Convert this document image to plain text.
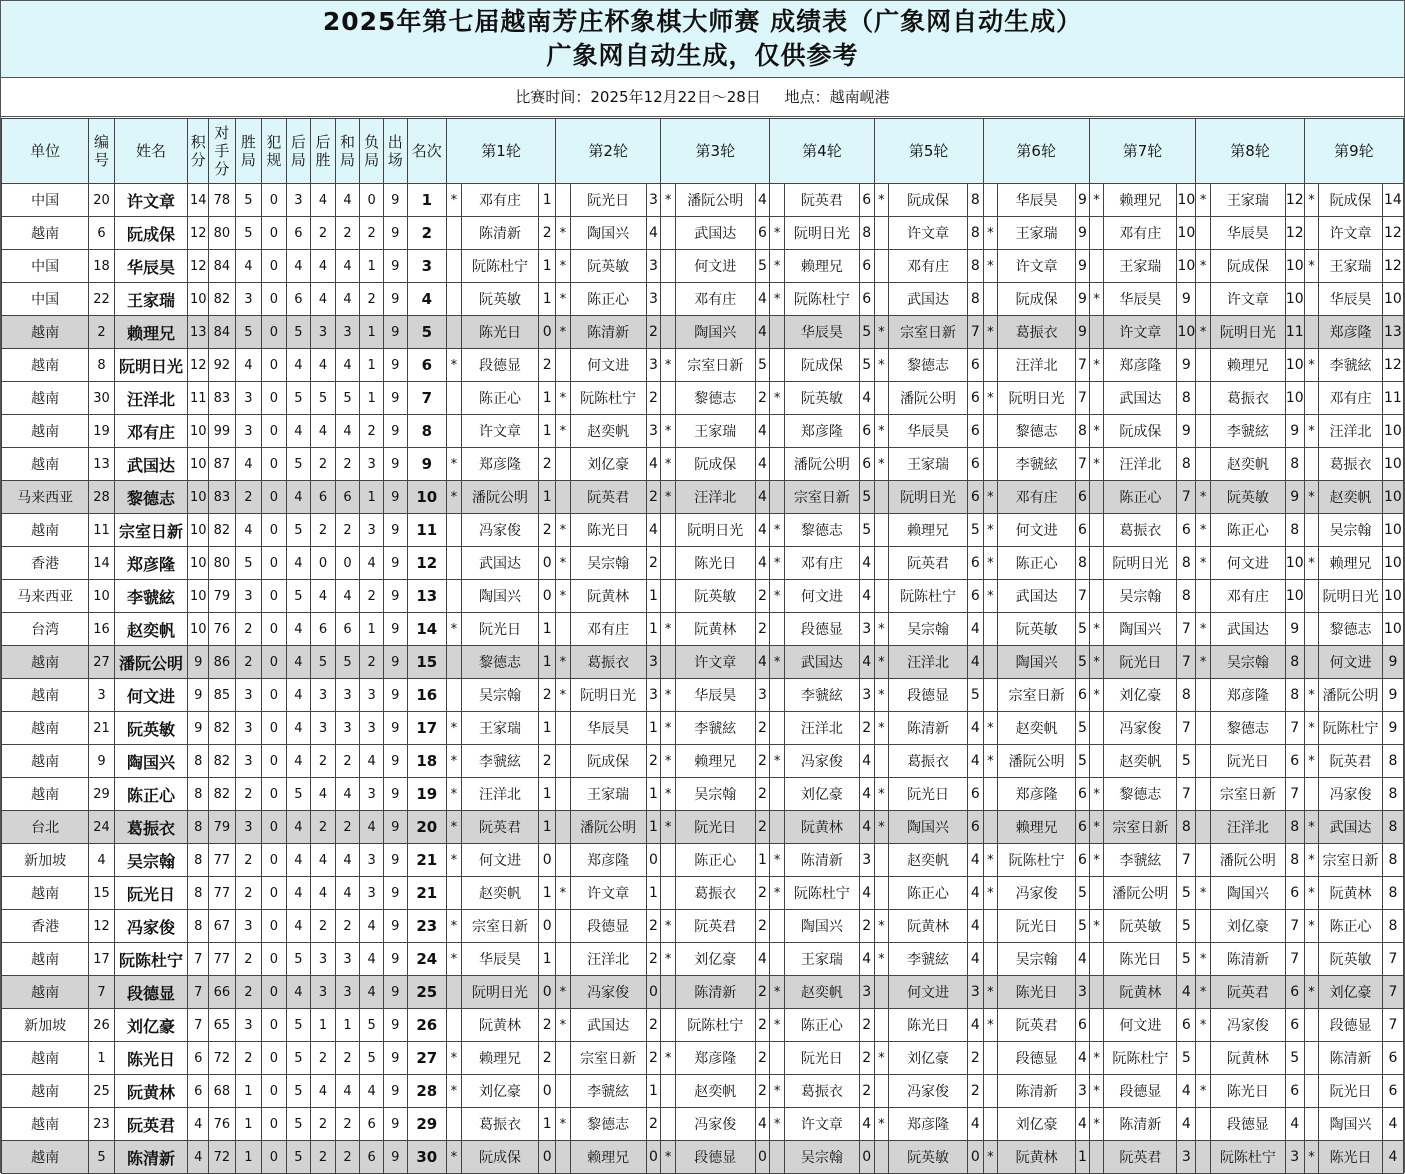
2025年第七届越南芳庄杯象棋大师赛 成绩表（广象网自动生成）
广象网自动生成，仅供参考
比赛时间：2025年12月22日～28日     地点：越南岘港
单位	编号	姓名	积分	对手分	胜局	犯规	后局	后胜	和局	负局	出场	名次	第1轮			第2轮			第3轮			第4轮			第5轮			第6轮			第7轮			第8轮			第9轮		
中国	20	许文章	14	78	5	0	3	4	4	0	9	1	*	邓有庄	1		阮光日	3	*	潘阮公明	4		阮英君	6	*	阮成保	8		华辰昊	9	*	赖理兄	10	*	王家瑞	12	*	阮成保	14
越南	6	阮成保	12	80	5	0	6	2	2	2	9	2		陈清新	2	*	陶国兴	4		武国达	6	*	阮明日光	8		许文章	8	*	王家瑞	9		邓有庄	10		华辰昊	12		许文章	12
中国	18	华辰昊	12	84	4	0	4	4	4	1	9	3		阮陈杜宁	1	*	阮英敏	3		何文进	5	*	赖理兄	6		邓有庄	8	*	许文章	9		王家瑞	10	*	阮成保	10	*	王家瑞	12
中国	22	王家瑞	10	82	3	0	6	4	4	2	9	4		阮英敏	1	*	陈正心	3		邓有庄	4	*	阮陈杜宁	6		武国达	8		阮成保	9	*	华辰昊	9		许文章	10		华辰昊	10
越南	2	赖理兄	13	84	5	0	5	3	3	1	9	5		陈光日	0	*	陈清新	2		陶国兴	4		华辰昊	5	*	宗室日新	7	*	葛振衣	9		许文章	10	*	阮明日光	11		郑彦隆	13
越南	8	阮明日光	12	92	4	0	4	4	4	1	9	6	*	段德显	2		何文进	3	*	宗室日新	5		阮成保	5	*	黎德志	6		汪洋北	7	*	郑彦隆	9		赖理兄	10	*	李虢絃	12
越南	30	汪洋北	11	83	3	0	5	5	5	1	9	7		陈正心	1	*	阮陈杜宁	2		黎德志	2	*	阮英敏	4		潘阮公明	6	*	阮明日光	7		武国达	8		葛振衣	10		邓有庄	11
越南	19	邓有庄	10	99	3	0	4	4	4	2	9	8		许文章	1	*	赵奕帆	3	*	王家瑞	4		郑彦隆	6	*	华辰昊	6		黎德志	8	*	阮成保	9		李虢絃	9	*	汪洋北	10
越南	13	武国达	10	87	4	0	5	2	2	3	9	9	*	郑彦隆	2		刘亿豪	4	*	阮成保	4		潘阮公明	6	*	王家瑞	6		李虢絃	7	*	汪洋北	8		赵奕帆	8		葛振衣	10
马来西亚	28	黎德志	10	83	2	0	4	6	6	1	9	10	*	潘阮公明	1		阮英君	2	*	汪洋北	4		宗室日新	5		阮明日光	6	*	邓有庄	6		陈正心	7	*	阮英敏	9	*	赵奕帆	10
越南	11	宗室日新	10	82	4	0	5	2	2	3	9	11		冯家俊	2	*	陈光日	4		阮明日光	4	*	黎德志	5		赖理兄	5	*	何文进	6		葛振衣	6	*	陈正心	8		吴宗翰	10
香港	14	郑彦隆	10	80	5	0	4	0	0	4	9	12		武国达	0	*	吴宗翰	2		陈光日	4	*	邓有庄	4		阮英君	6	*	陈正心	8		阮明日光	8	*	何文进	10	*	赖理兄	10
马来西亚	10	李虢絃	10	79	3	0	5	4	4	2	9	13		陶国兴	0	*	阮黄林	1		阮英敏	2	*	何文进	4		阮陈杜宁	6	*	武国达	7		吴宗翰	8		邓有庄	10		阮明日光	10
台湾	16	赵奕帆	10	76	2	0	4	6	6	1	9	14	*	阮光日	1		邓有庄	1	*	阮黄林	2		段德显	3	*	吴宗翰	4		阮英敏	5	*	陶国兴	7	*	武国达	9		黎德志	10
越南	27	潘阮公明	9	86	2	0	4	5	5	2	9	15		黎德志	1	*	葛振衣	3		许文章	4	*	武国达	4	*	汪洋北	4		陶国兴	5	*	阮光日	7	*	吴宗翰	8		何文进	9
越南	3	何文进	9	85	3	0	4	3	3	3	9	16		吴宗翰	2	*	阮明日光	3	*	华辰昊	3		李虢絃	3	*	段德显	5		宗室日新	6	*	刘亿豪	8		郑彦隆	8	*	潘阮公明	9
越南	21	阮英敏	9	82	3	0	4	3	3	3	9	17	*	王家瑞	1		华辰昊	1	*	李虢絃	2		汪洋北	2	*	陈清新	4	*	赵奕帆	5		冯家俊	7		黎德志	7	*	阮陈杜宁	9
越南	9	陶国兴	8	82	3	0	4	2	2	4	9	18	*	李虢絃	2		阮成保	2	*	赖理兄	2	*	冯家俊	4		葛振衣	4	*	潘阮公明	5		赵奕帆	5		阮光日	6	*	阮英君	8
越南	29	陈正心	8	82	2	0	5	4	4	3	9	19	*	汪洋北	1		王家瑞	1	*	吴宗翰	2		刘亿豪	4	*	阮光日	6		郑彦隆	6	*	黎德志	7		宗室日新	7		冯家俊	8
台北	24	葛振衣	8	79	3	0	4	2	2	4	9	20	*	阮英君	1		潘阮公明	1	*	阮光日	2		阮黄林	4	*	陶国兴	6		赖理兄	6	*	宗室日新	8		汪洋北	8	*	武国达	8
新加坡	4	吴宗翰	8	77	2	0	4	4	4	3	9	21	*	何文进	0		郑彦隆	0		陈正心	1	*	陈清新	3		赵奕帆	4	*	阮陈杜宁	6	*	李虢絃	7		潘阮公明	8	*	宗室日新	8
越南	15	阮光日	8	77	2	0	4	4	4	3	9	21		赵奕帆	1	*	许文章	1		葛振衣	2	*	阮陈杜宁	4		陈正心	4	*	冯家俊	5		潘阮公明	5	*	陶国兴	6	*	阮黄林	8
香港	12	冯家俊	8	67	3	0	4	2	2	4	9	23	*	宗室日新	0		段德显	2	*	阮英君	2		陶国兴	2	*	阮黄林	4		阮光日	5	*	阮英敏	5		刘亿豪	7	*	陈正心	8
越南	17	阮陈杜宁	7	77	2	0	5	3	3	4	9	24	*	华辰昊	1		汪洋北	2	*	刘亿豪	4		王家瑞	4	*	李虢絃	4		吴宗翰	4		陈光日	5	*	陈清新	7		阮英敏	7
越南	7	段德显	7	66	2	0	4	3	3	4	9	25		阮明日光	0	*	冯家俊	0		陈清新	2	*	赵奕帆	3		何文进	3	*	陈光日	3		阮黄林	4	*	阮英君	6	*	刘亿豪	7
新加坡	26	刘亿豪	7	65	3	0	5	1	1	5	9	26		阮黄林	2	*	武国达	2		阮陈杜宁	2	*	陈正心	2		陈光日	4	*	阮英君	6		何文进	6	*	冯家俊	6		段德显	7
越南	1	陈光日	6	72	2	0	5	2	2	5	9	27	*	赖理兄	2		宗室日新	2	*	郑彦隆	2		阮光日	2	*	刘亿豪	2		段德显	4	*	阮陈杜宁	5		阮黄林	5		陈清新	6
越南	25	阮黄林	6	68	1	0	5	4	4	4	9	28	*	刘亿豪	0		李虢絃	1		赵奕帆	2	*	葛振衣	2		冯家俊	2		陈清新	3	*	段德显	4	*	陈光日	6		阮光日	6
越南	23	阮英君	4	76	1	0	5	2	2	6	9	29		葛振衣	1	*	黎德志	2		冯家俊	4	*	许文章	4	*	郑彦隆	4		刘亿豪	4	*	陈清新	4		段德显	4		陶国兴	4
越南	5	陈清新	4	72	1	0	5	2	2	6	9	30	*	阮成保	0		赖理兄	0	*	段德显	0		吴宗翰	0		阮英敏	0	*	阮黄林	1		阮英君	3		阮陈杜宁	3	*	陈光日	4
